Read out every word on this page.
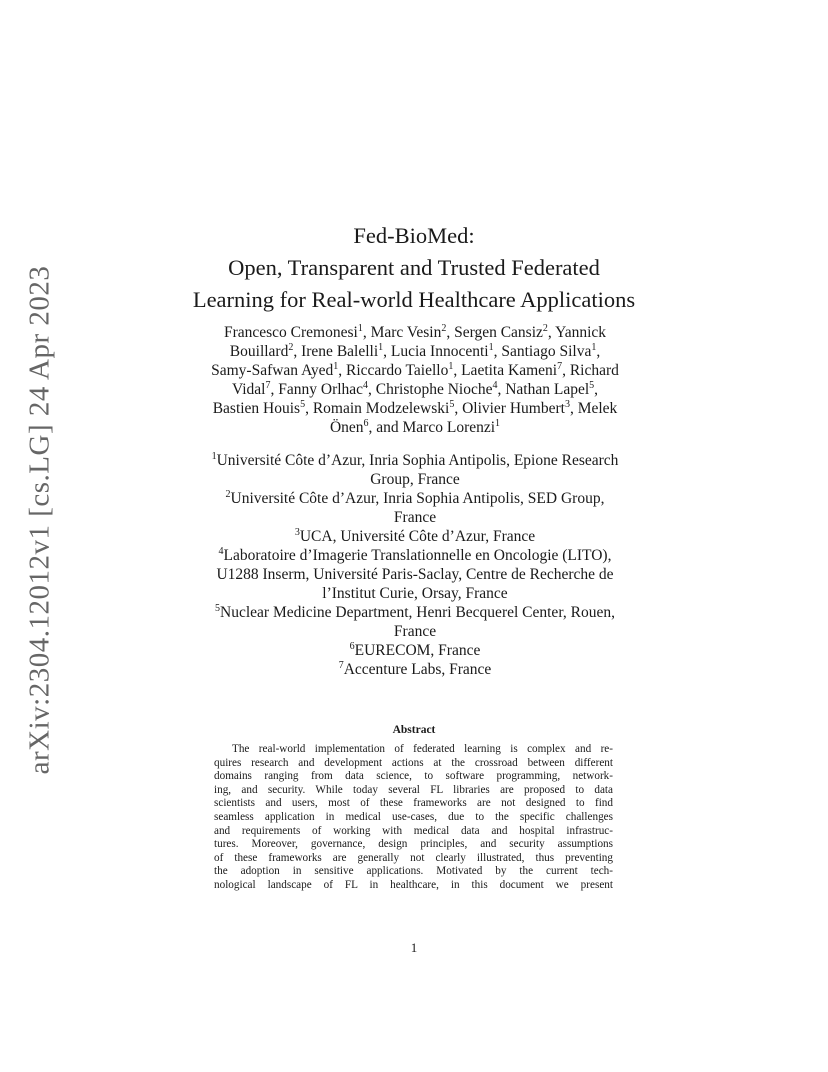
arXiv:2304.12012v1 [cs.LG] 24 Apr 2023
Fed-BioMed:
Open, Transparent and Trusted Federated
Learning for Real-world Healthcare Applications
Francesco Cremonesi$^1$, Marc Vesin$^2$, Sergen Cansiz$^2$, Yannick
Bouillard$^2$, Irene Balelli$^1$, Lucia Innocenti$^1$, Santiago Silva$^1$,
Samy-Safwan Ayed$^1$, Riccardo Taiello$^1$, Laetita Kameni$^7$, Richard
Vidal$^7$, Fanny Orlhac$^4$, Christophe Nioche$^4$, Nathan Lapel$^5$,
Bastien Houis$^5$, Romain Modzelewski$^5$, Olivier Humbert$^3$, Melek
Önen$^6$, and Marco Lorenzi$^1$
$^1$Université Côte d’Azur, Inria Sophia Antipolis, Epione Research
Group, France
$^2$Université Côte d’Azur, Inria Sophia Antipolis, SED Group,
France
$^3$UCA, Université Côte d’Azur, France
$^4$Laboratoire d’Imagerie Translationnelle en Oncologie (LITO),
U1288 Inserm, Université Paris-Saclay, Centre de Recherche de
l’Institut Curie, Orsay, France
$^5$Nuclear Medicine Department, Henri Becquerel Center, Rouen,
France
$^6$EURECOM, France
$^7$Accenture Labs, France
Abstract
The real-world implementation of federated learning is complex and re-
quires research and development actions at the crossroad between different
domains ranging from data science, to software programming, network-
ing, and security. While today several FL libraries are proposed to data
scientists and users, most of these frameworks are not designed to find
seamless application in medical use-cases, due to the specific challenges
and requirements of working with medical data and hospital infrastruc-
tures. Moreover, governance, design principles, and security assumptions
of these frameworks are generally not clearly illustrated, thus preventing
the adoption in sensitive applications. Motivated by the current tech-
nological landscape of FL in healthcare, in this document we present
1
